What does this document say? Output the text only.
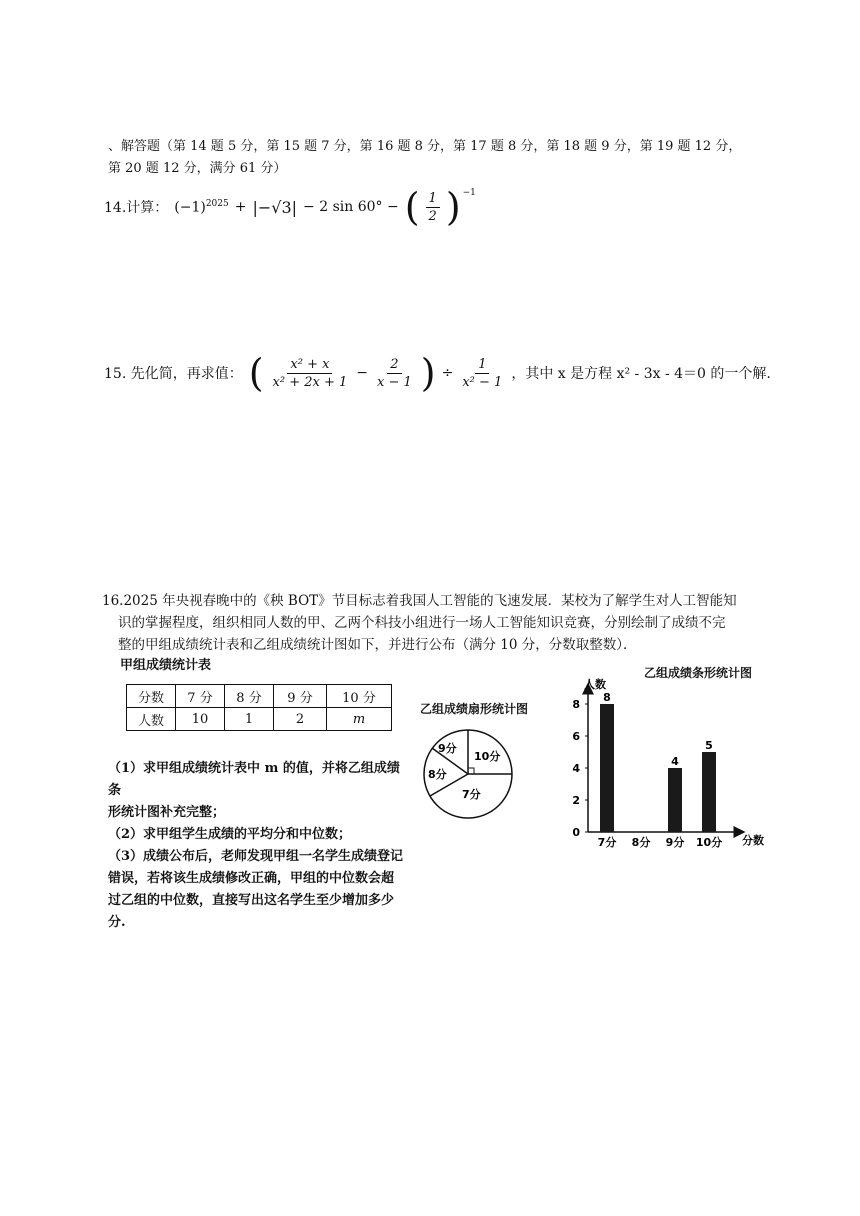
、解答题（第 14 题 5 分，第 15 题 7 分，第 16 题 8 分，第 17 题 8 分，第 18 题 9 分，第 19 题 12 分，
第 20 题 12 分，满分 61 分）
14.计算： $(-1)^{2025} + |-√3| - 2$ sin 60° − ( $\frac{1}{2} )^{-1}$
15. 先化简，再求值： ( $\frac{\text{x² + x}}{\text{x² + 2x + 1}} - \frac{2}{x - 1}$ ) ÷ $\frac{1}{\text{x² − 1}}$ ，其中 x 是方程 x² - 3x - 4＝0 的一个解.
16.2025 年央视春晚中的《秧 BOT》节目标志着我国人工智能的飞速发展．某校为了解学生对人工智能知
识的掌握程度，组织相同人数的甲、乙两个科技小组进行一场人工智能知识竞赛，分别绘制了成绩不完
整的甲组成绩统计表和乙组成绩统计图如下，并进行公布（满分 10 分，分数取整数）．
甲组成绩统计表
分数	7 分	8 分	9 分	10 分
人数	10	1	2	m
（1）求甲组成绩统计表中 m 的值，并将乙组成绩条
形统计图补充完整；
（2）求甲组学生成绩的平均分和中位数；
（3）成绩公布后，老师发现甲组一名学生成绩登记
错误，若将该生成绩修改正确，甲组的中位数会超
过乙组的中位数，直接写出这名学生至少增加多少分.
乙组成绩扇形统计图
10分
7分
8分
9分
乙组成绩条形统计图
人数
分数
0
2
4
6
8
8
7分 8分
4
9分
5
10分
